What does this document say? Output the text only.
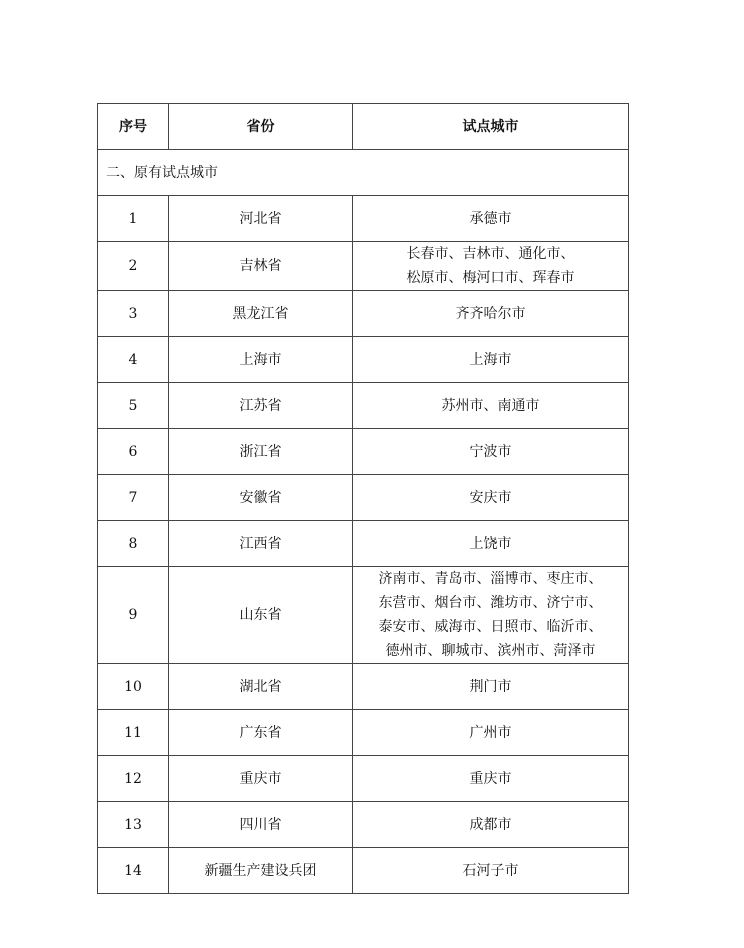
序号	省份	试点城市
二、原有试点城市		
1	河北省	承德市

2	吉林省	长春市、吉林市、通化市、
松原市、梅河口市、珲春市

3	黑龙江省	齐齐哈尔市

4	上海市	上海市

5	江苏省	苏州市、南通市

6	浙江省	宁波市

7	安徽省	安庆市

8	江西省	上饶市

9	山东省	济南市、青岛市、淄博市、枣庄市、
东营市、烟台市、潍坊市、济宁市、
泰安市、威海市、日照市、临沂市、
德州市、聊城市、滨州市、菏泽市

10	湖北省	荆门市

11	广东省	广州市

12	重庆市	重庆市

13	四川省	成都市

14	新疆生产建设兵团	石河子市
